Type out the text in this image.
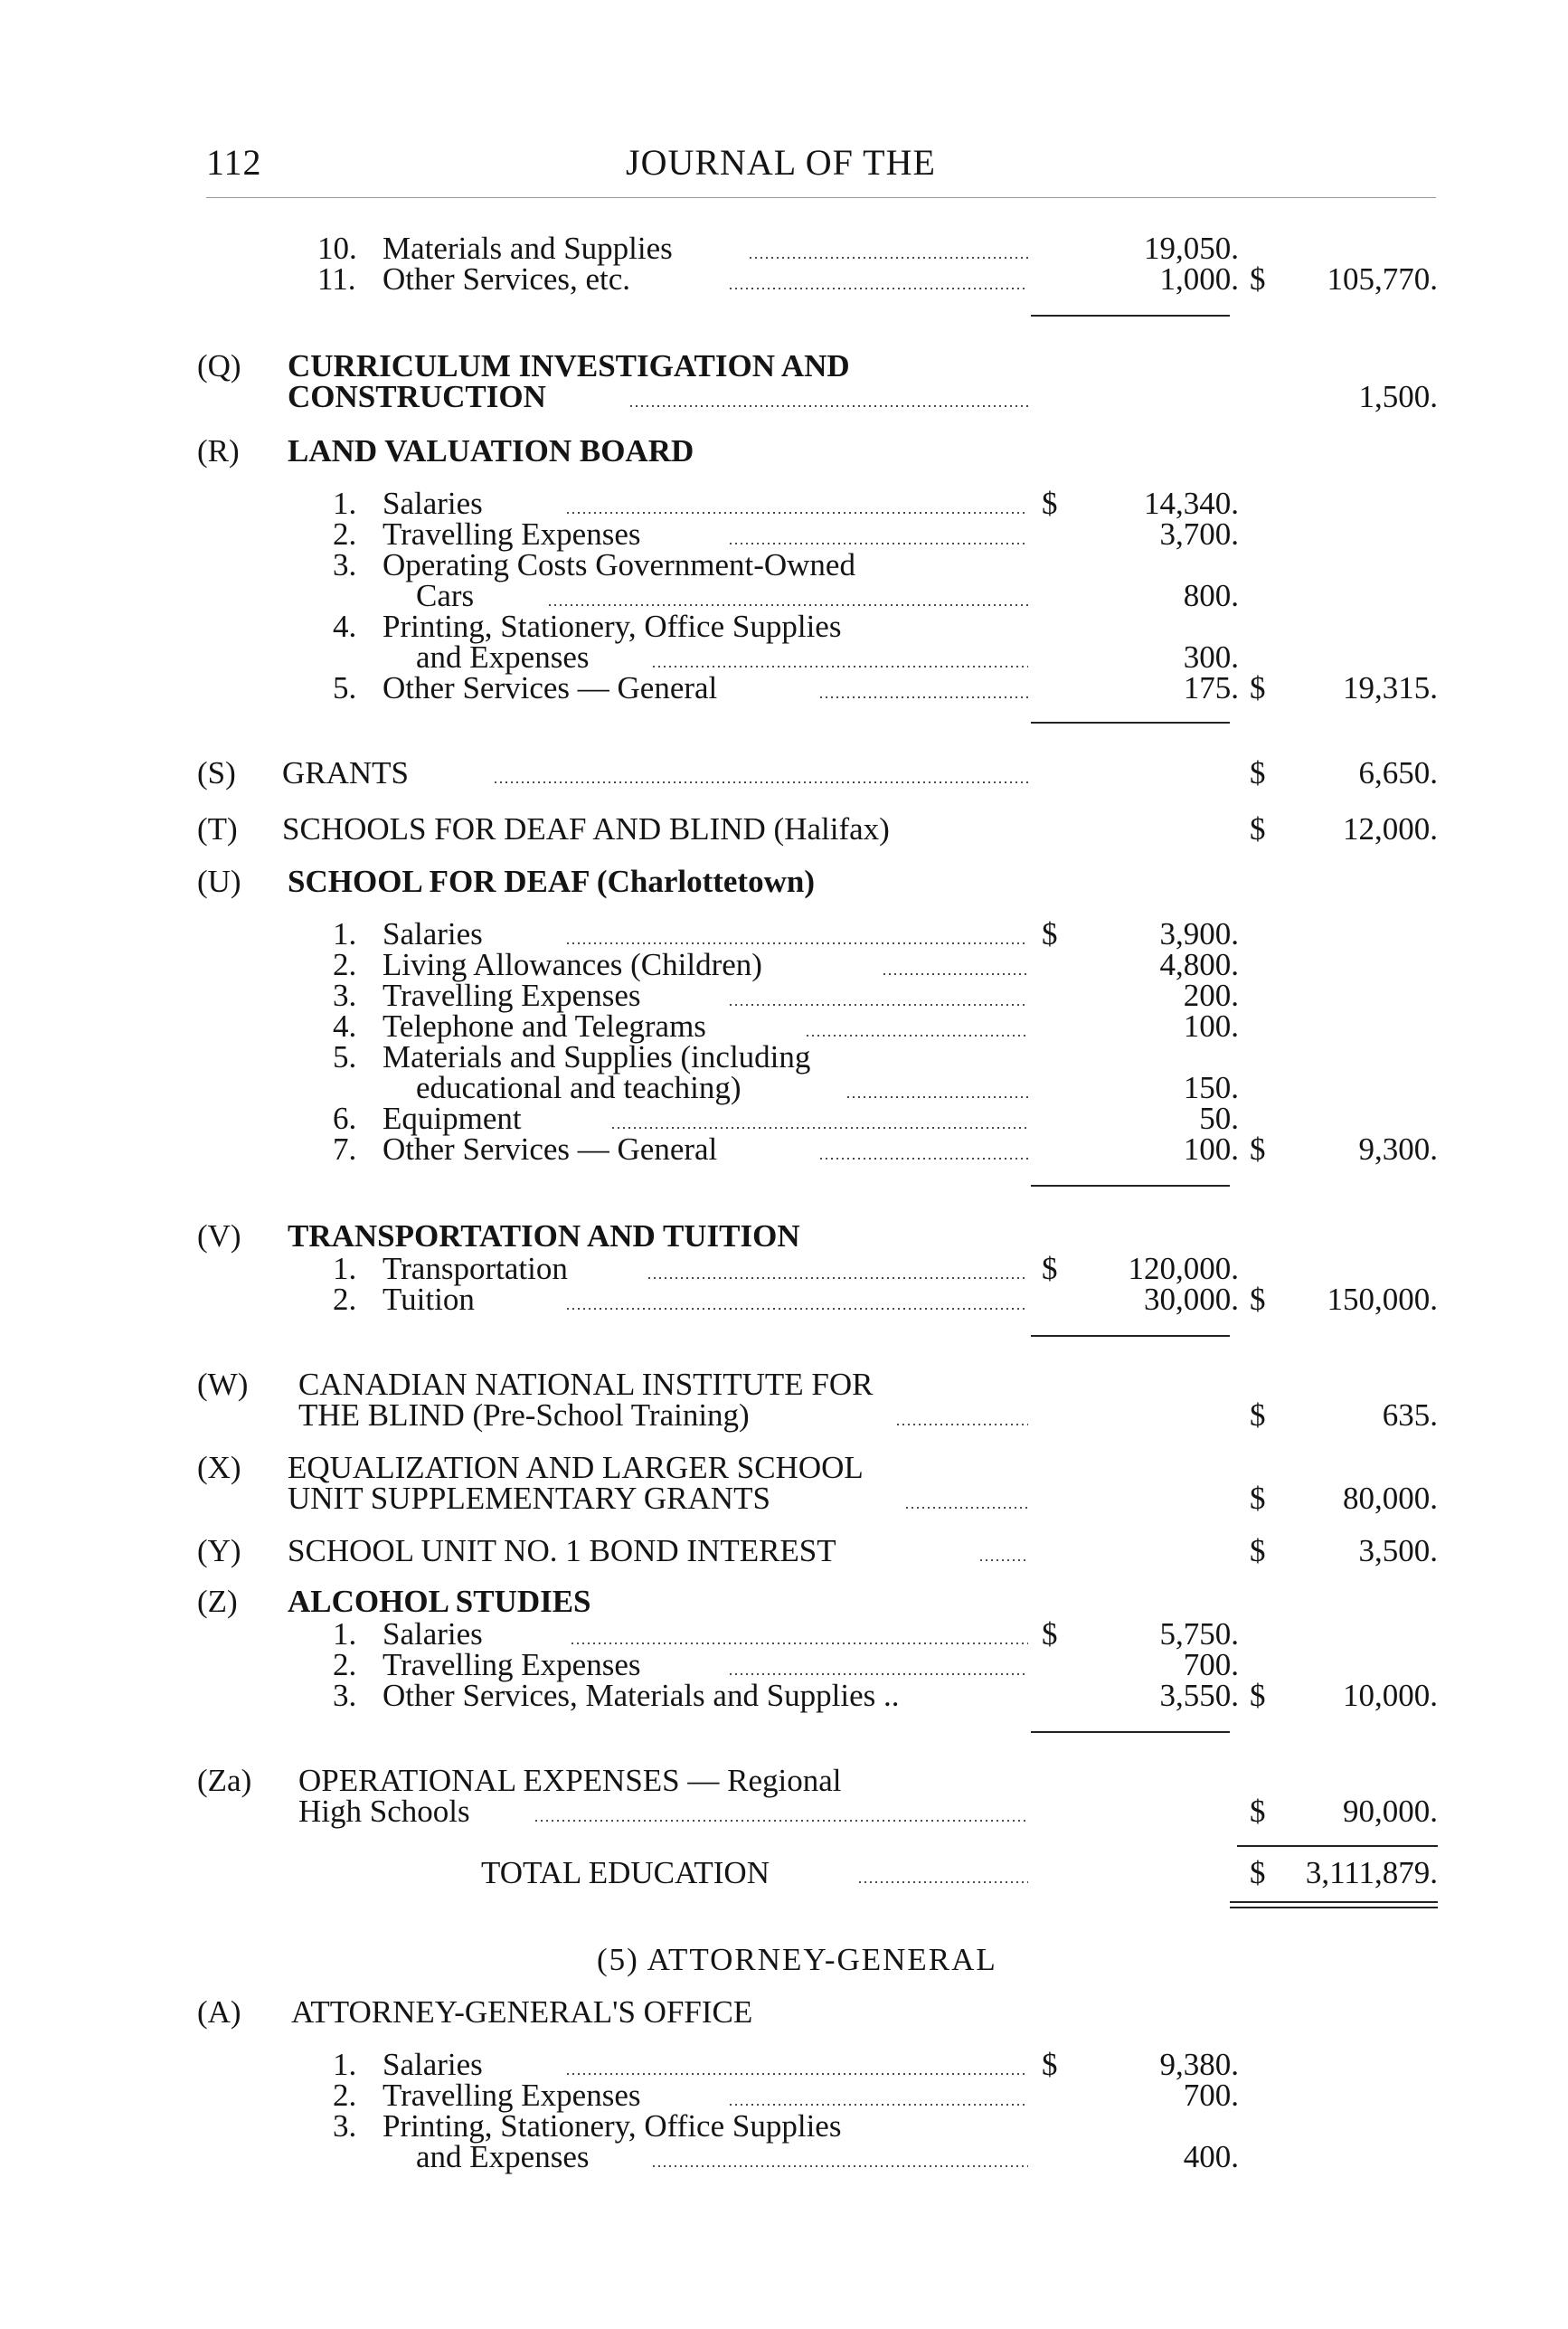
112	JOURNAL OF THE
10. Materials and Supplies	19,050.
11. Other Services, etc.	1,000. $	105,770.
(Q) CURRICULUM INVESTIGATION AND
CONSTRUCTION	1,500.
(R) LAND VALUATION BOARD
1. Salaries	$	14,340.
2. Travelling Expenses	3,700.
3. Operating Costs Government-Owned
Cars	800.
4. Printing, Stationery, Office Supplies
and Expenses	300.
5. Other Services — General	175. $	19,315.
(S) GRANTS	$	6,650.
(T) SCHOOLS FOR DEAF AND BLIND (Halifax)	$	12,000.
(U) SCHOOL FOR DEAF (Charlottetown)
1. Salaries	$	3,900.
2. Living Allowances (Children)	4,800.
3. Travelling Expenses	200.
4. Telephone and Telegrams	100.
5. Materials and Supplies (including
educational and teaching)	150.
6. Equipment	50.
7. Other Services — General	100. $	9,300.
(V) TRANSPORTATION AND TUITION
1. Transportation	$	120,000.
2. Tuition	30,000. $	150,000.
(W) CANADIAN NATIONAL INSTITUTE FOR
THE BLIND (Pre-School Training)	$	635.
(X) EQUALIZATION AND LARGER SCHOOL
UNIT SUPPLEMENTARY GRANTS	$	80,000.
(Y) SCHOOL UNIT NO. 1 BOND INTEREST	$	3,500.
(Z) ALCOHOL STUDIES
1. Salaries	$	5,750.
2. Travelling Expenses	700.
3. Other Services, Materials and Supplies ..	3,550. $	10,000.
(Za) OPERATIONAL EXPENSES — Regional
High Schools	$	90,000.
TOTAL EDUCATION	$	3,111,879.
(5) ATTORNEY-GENERAL
(A) ATTORNEY-GENERAL'S OFFICE
1. Salaries	$	9,380.
2. Travelling Expenses	700.
3. Printing, Stationery, Office Supplies
and Expenses	400.
